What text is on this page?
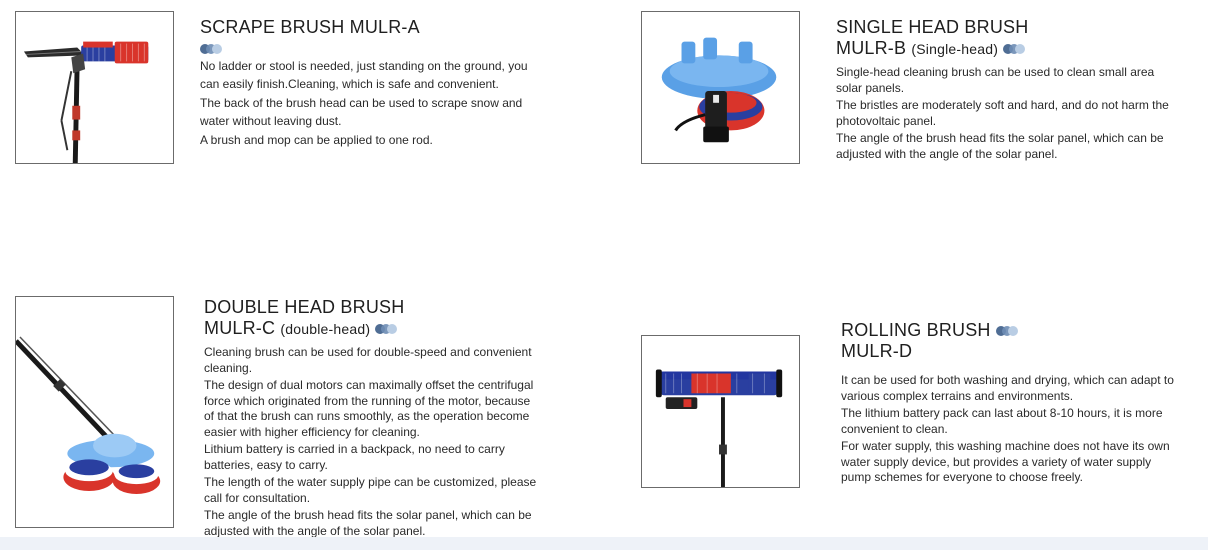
SCRAPE BRUSH MULR-A

No ladder or stool is needed, just standing on the ground, you can easily finish.Cleaning, which is safe and convenient.

The back of the brush head can be used to scrape snow and water without leaving dust.

A brush and mop can be applied to one rod.

SINGLE HEAD BRUSH
MULR-B (Single-head)

Single-head cleaning brush can be used to clean small area solar panels.

The bristles are moderately soft and hard, and do not harm the photovoltaic panel.

The angle of the brush head fits the solar panel, which can be adjusted with the angle of the solar panel.

DOUBLE HEAD BRUSH
MULR-C (double-head)

Cleaning brush can be used for double-speed and convenient cleaning.

The design of dual motors can maximally offset the centrifugal force which originated from the running of the motor, because of that the brush can runs smoothly, as the operation become easier with higher efficiency for cleaning.

Lithium battery is carried in a backpack, no need to carry batteries, easy to carry.

The length of the water supply pipe can be customized, please call for consultation.

The angle of the brush head fits the solar panel, which can be adjusted with the angle of the solar panel.

ROLLING BRUSH
MULR-D

It can be used for both washing and drying, which can adapt to various complex terrains and environments.

The lithium battery pack can last about 8-10 hours, it is more convenient to clean.

For water supply, this washing machine does not have its own water supply device, but provides a variety of water supply pump schemes for everyone to choose freely.
